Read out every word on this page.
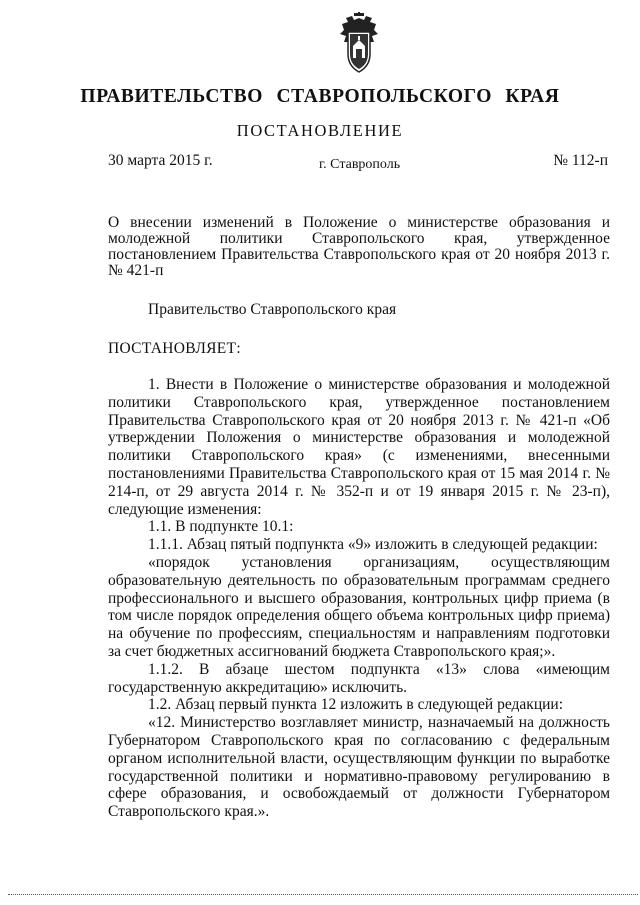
ПРАВИТЕЛЬСТВО СТАВРОПОЛЬСКОГО КРАЯ
ПОСТАНОВЛЕНИЕ
30 марта 2015 г.	г. Ставрополь	№ 112-п

О внесении изменений в Положение о министерстве образования и молодежной политики Ставропольского края, утвержденное постановлением Правительства Ставропольского края от 20 ноября 2013 г. № 421-п

Правительство Ставропольского края
ПОСТАНОВЛЯЕТ:

1. Внести в Положение о министерстве образования и молодежной политики Ставропольского края, утвержденное постановлением Правительства Ставропольского края от 20 ноября 2013 г. № 421-п «Об утверждении Положения о министерстве образования и молодежной политики Ставропольского края» (с изменениями, внесенными постановлениями Правительства Ставропольского края от 15 мая 2014 г. № 214-п, от 29 августа 2014 г. № 352-п и от 19 января 2015 г. № 23-п), следующие изменения:

1.1. В подпункте 10.1:

1.1.1. Абзац пятый подпункта «9» изложить в следующей редакции:

«порядок установления организациям, осуществляющим образовательную деятельность по образовательным программам среднего профессионального и высшего образования, контрольных цифр приема (в том числе порядок определения общего объема контрольных цифр приема) на обучение по профессиям, специальностям и направлениям подготовки за счет бюджетных ассигнований бюджета Ставропольского края;».

1.1.2. В абзаце шестом подпункта «13» слова «имеющим государственную аккредитацию» исключить.

1.2. Абзац первый пункта 12 изложить в следующей редакции:

«12. Министерство возглавляет министр, назначаемый на должность Губернатором Ставропольского края по согласованию с федеральным органом исполнительной власти, осуществляющим функции по выработке государственной политики и нормативно-правовому регулированию в сфере образования, и освобождаемый от должности Губернатором Ставропольского края.».
